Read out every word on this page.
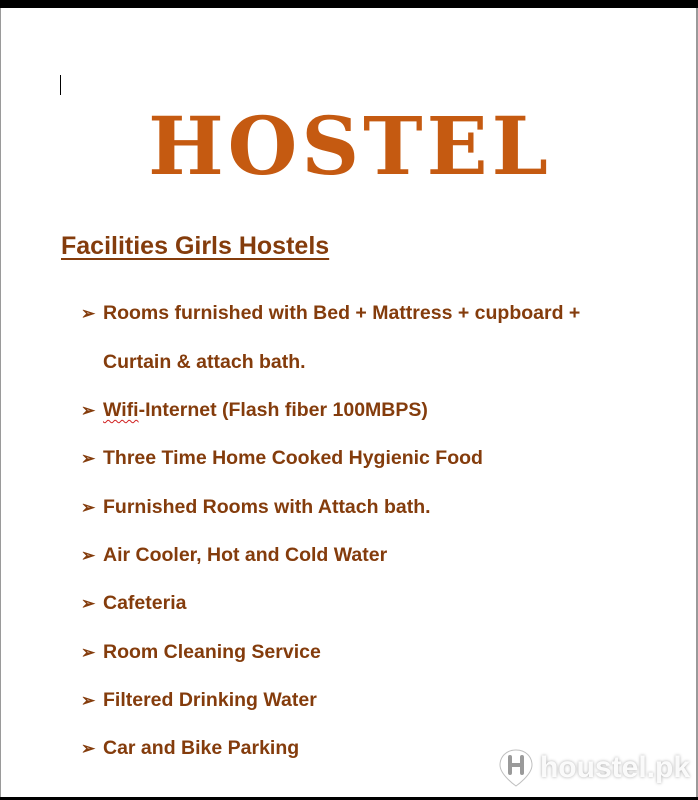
HOSTEL
Facilities Girls Hostels
➢ Rooms furnished with Bed + Mattress + cupboard +
Curtain & attach bath.
➢ Wifi-Internet (Flash fiber 100MBPS)
➢ Three Time Home Cooked Hygienic Food
➢ Furnished Rooms with Attach bath.
➢ Air Cooler, Hot and Cold Water
➢ Cafeteria
➢ Room Cleaning Service
➢ Filtered Drinking Water
➢ Car and Bike Parking
houstel.pk
